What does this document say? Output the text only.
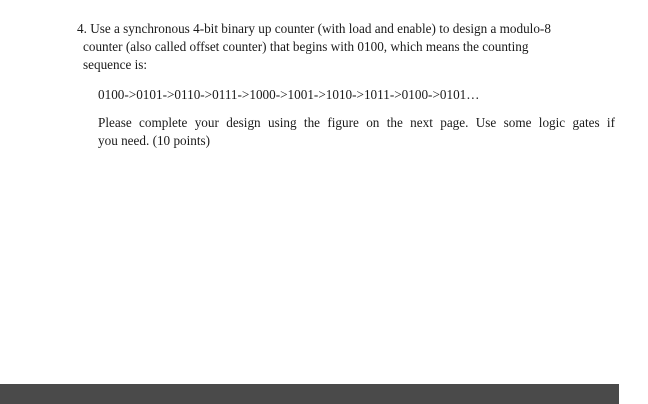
4. Use a synchronous 4-bit binary up counter (with load and enable) to design a modulo-8
counter (also called offset counter) that begins with 0100, which means the counting
sequence is:

0100->0101->0110->0111->1000->1001->1010->1011->0100->0101…

Please complete your design using the figure on the next page. Use some logic gates if
you need. (10 points)
